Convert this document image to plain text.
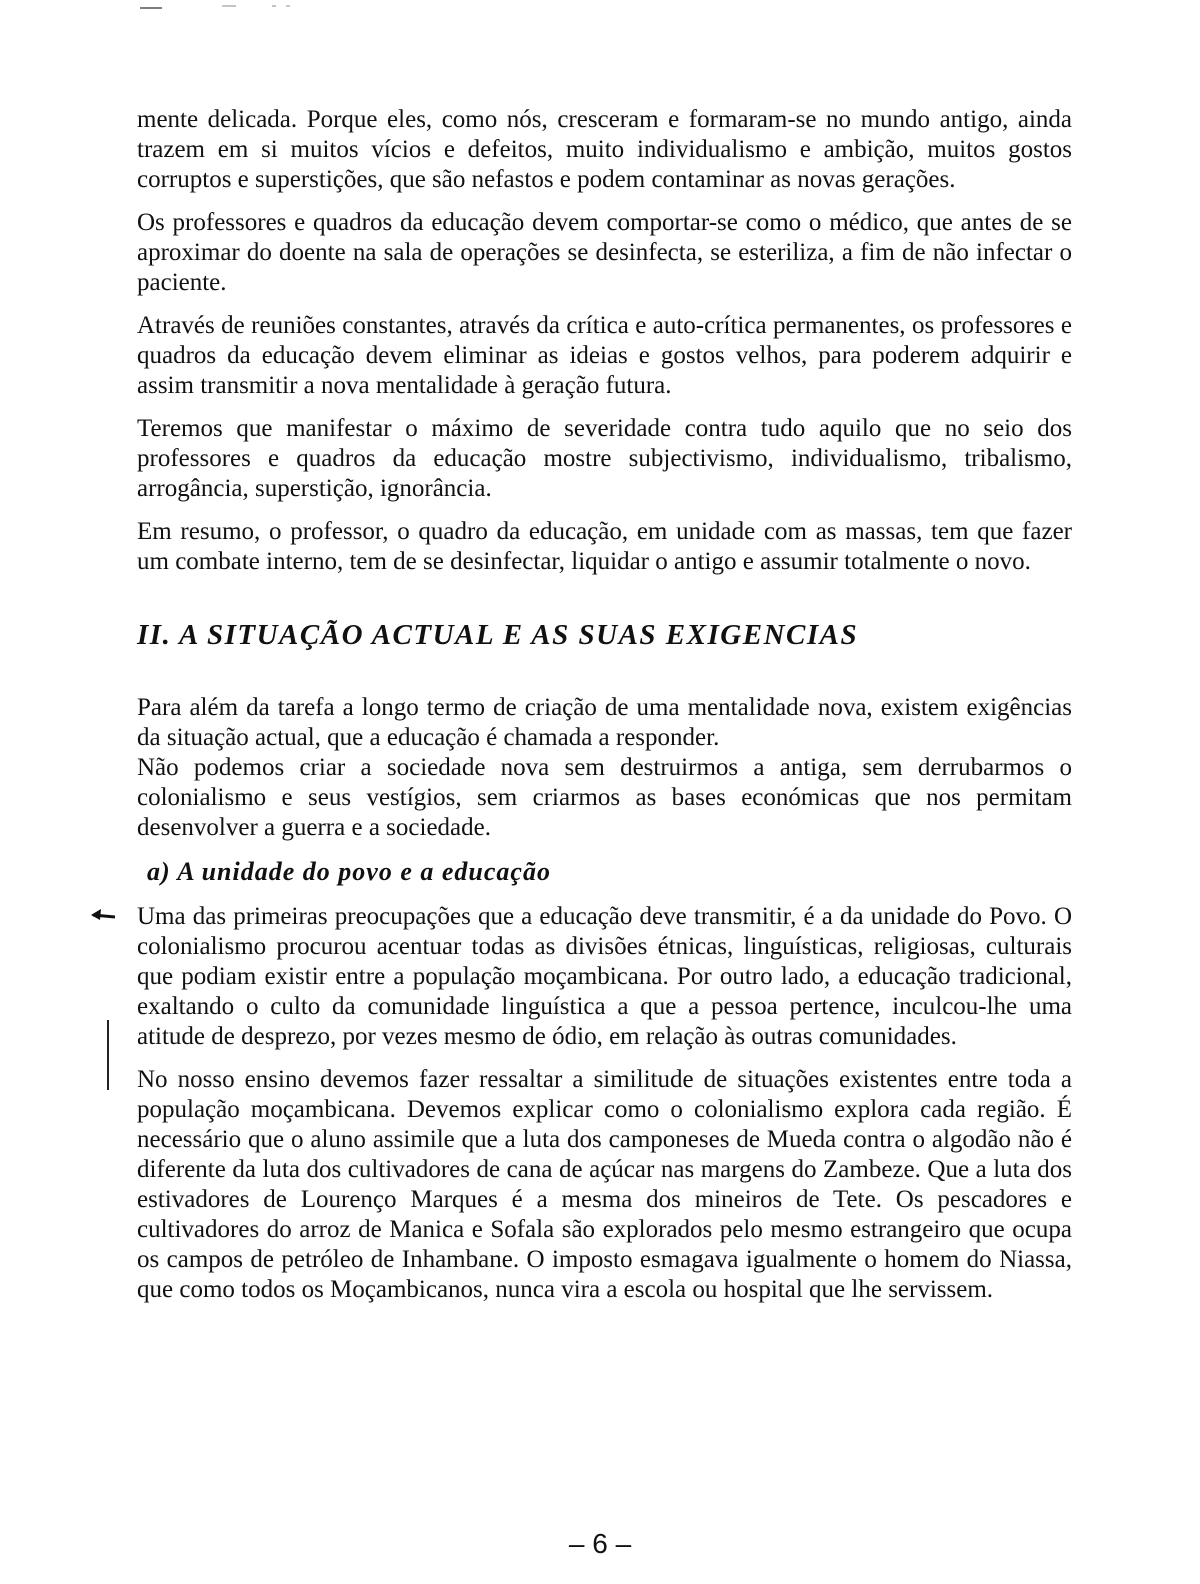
mente delicada. Porque eles, como nós, cresceram e formaram-se no mundo antigo, ainda trazem em si muitos vícios e defeitos, muito individualismo e ambição, muitos gostos corruptos e superstições, que são nefastos e podem contaminar as novas gerações.

Os professores e quadros da educação devem comportar-se como o médico, que antes de se aproximar do doente na sala de operações se desinfecta, se esteriliza, a fim de não infectar o paciente.

Através de reuniões constantes, através da crítica e auto-crítica permanentes, os professores e quadros da educação devem eliminar as ideias e gostos velhos, para poderem adquirir e assim transmitir a nova mentalidade à geração futura.

Teremos que manifestar o máximo de severidade contra tudo aquilo que no seio dos professores e quadros da educação mostre subjectivismo, individualismo, tribalismo, arrogância, superstição, ignorância.

Em resumo, o professor, o quadro da educação, em unidade com as massas, tem que fazer um combate interno, tem de se desinfectar, liquidar o antigo e assumir totalmente o novo.

II. A SITUAÇÃO ACTUAL E AS SUAS EXIGENCIAS

Para além da tarefa a longo termo de criação de uma mentalidade nova, existem exigências da situação actual, que a educação é chamada a responder.

Não podemos criar a sociedade nova sem destruirmos a antiga, sem derrubarmos o colonialismo e seus vestígios, sem criarmos as bases económicas que nos permitam desenvolver a guerra e a sociedade.

a) A unidade do povo e a educação

Uma das primeiras preocupações que a educação deve transmitir, é a da unidade do Povo. O colonialismo procurou acentuar todas as divisões étnicas, linguísticas, religiosas, culturais que podiam existir entre a população moçambicana. Por outro lado, a educação tradicional, exaltando o culto da comunidade linguística a que a pessoa pertence, inculcou-lhe uma atitude de desprezo, por vezes mesmo de ódio, em relação às outras comunidades.

No nosso ensino devemos fazer ressaltar a similitude de situações existentes entre toda a população moçambicana. Devemos explicar como o colonialismo explora cada região. É necessário que o aluno assimile que a luta dos camponeses de Mueda contra o algodão não é diferente da luta dos cultivadores de cana de açúcar nas margens do Zambeze. Que a luta dos estivadores de Lourenço Marques é a mesma dos mineiros de Tete. Os pescadores e cultivadores do arroz de Manica e Sofala são explorados pelo mesmo estrangeiro que ocupa os campos de petróleo de Inhambane. O imposto esmagava igualmente o homem do Niassa, que como todos os Moçambicanos, nunca vira a escola ou hospital que lhe servissem.

– 6 –
